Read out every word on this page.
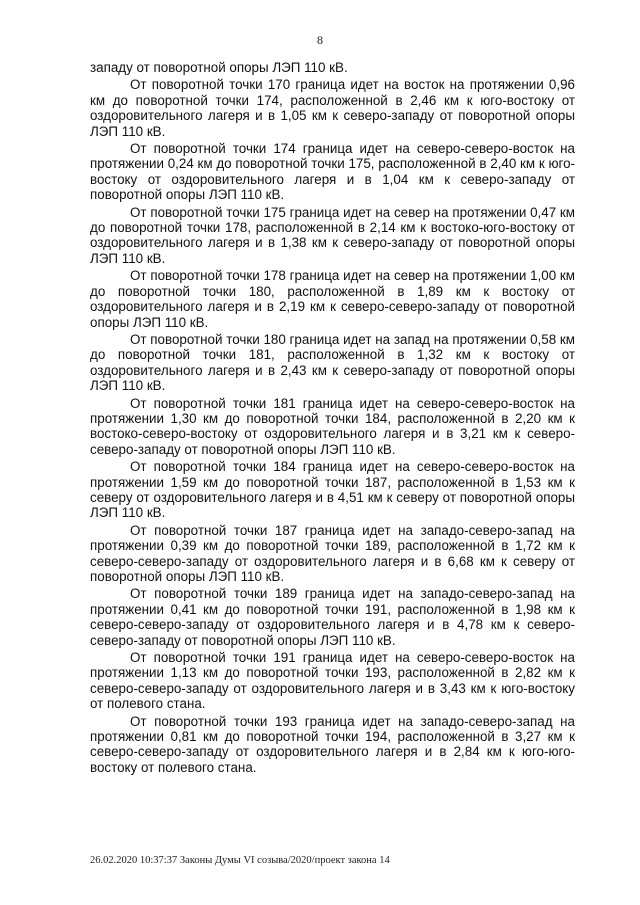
8

западу от поворотной опоры ЛЭП 110 кВ.

От поворотной точки 170 граница идет на восток на протяжении 0,96 км до поворотной точки 174, расположенной в 2,46 км к юго-востоку от оздоровительного лагеря и в 1,05 км к северо-западу от поворотной опоры ЛЭП 110 кВ.

От поворотной точки 174 граница идет на северо-северо-восток на протяжении 0,24 км до поворотной точки 175, расположенной в 2,40 км к юго-востоку от оздоровительного лагеря и в 1,04 км к северо-западу от поворотной опоры ЛЭП 110 кВ.

От поворотной точки 175 граница идет на север на протяжении 0,47 км до поворотной точки 178, расположенной в 2,14 км к востоко-юго-востоку от оздоровительного лагеря и в 1,38 км к северо-западу от поворотной опоры ЛЭП 110 кВ.

От поворотной точки 178 граница идет на север на протяжении 1,00 км до поворотной точки 180, расположенной в 1,89 км к востоку от оздоровительного лагеря и в 2,19 км к северо-северо-западу от поворотной опоры ЛЭП 110 кВ.

От поворотной точки 180 граница идет на запад на протяжении 0,58 км до поворотной точки 181, расположенной в 1,32 км к востоку от оздоровительного лагеря и в 2,43 км к северо-западу от поворотной опоры ЛЭП 110 кВ.

От поворотной точки 181 граница идет на северо-северо-восток на протяжении 1,30 км до поворотной точки 184, расположенной в 2,20 км к востоко-северо-востоку от оздоровительного лагеря и в 3,21 км к северо-северо-западу от поворотной опоры ЛЭП 110 кВ.

От поворотной точки 184 граница идет на северо-северо-восток на протяжении 1,59 км до поворотной точки 187, расположенной в 1,53 км к северу от оздоровительного лагеря и в 4,51 км к северу от поворотной опоры ЛЭП 110 кВ.

От поворотной точки 187 граница идет на западо-северо-запад на протяжении 0,39 км до поворотной точки 189, расположенной в 1,72 км к северо-северо-западу от оздоровительного лагеря и в 6,68 км к северу от поворотной опоры ЛЭП 110 кВ.

От поворотной точки 189 граница идет на западо-северо-запад на протяжении 0,41 км до поворотной точки 191, расположенной в 1,98 км к северо-северо-западу от оздоровительного лагеря и в 4,78 км к северо-северо-западу от поворотной опоры ЛЭП 110 кВ.

От поворотной точки 191 граница идет на северо-северо-восток на протяжении 1,13 км до поворотной точки 193, расположенной в 2,82 км к северо-северо-западу от оздоровительного лагеря и в 3,43 км к юго-востоку от полевого стана.

От поворотной точки 193 граница идет на западо-северо-запад на протяжении 0,81 км до поворотной точки 194, расположенной в 3,27 км к северо-северо-западу от оздоровительного лагеря и в 2,84 км к юго-юго-востоку от полевого стана.

26.02.2020 10:37:37 Законы Думы VI созыва/2020/проект закона 14
